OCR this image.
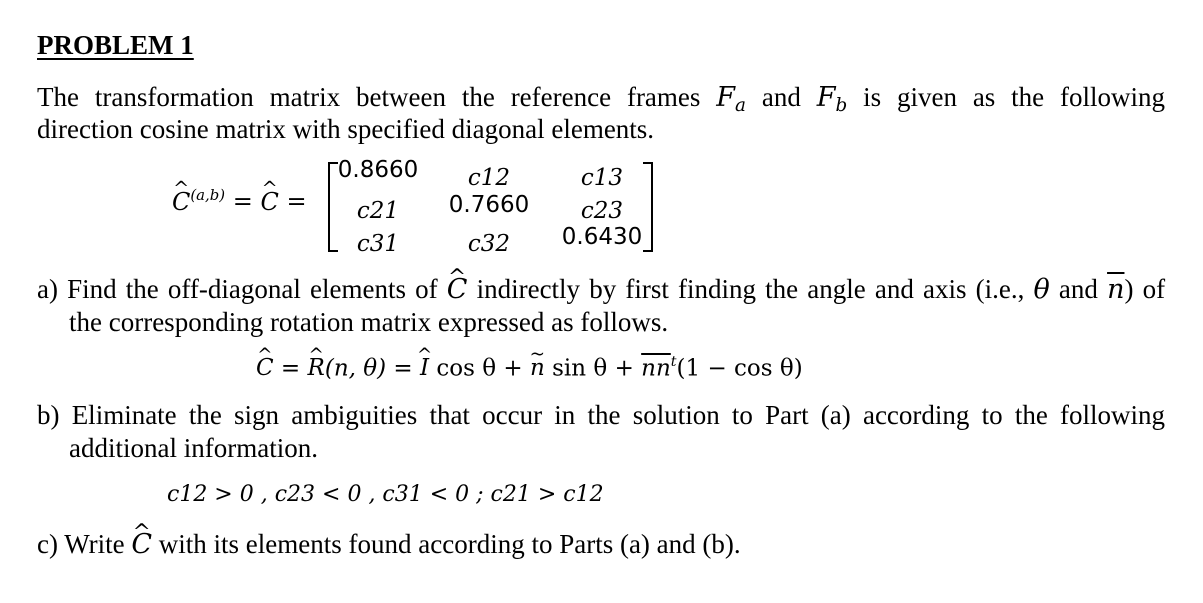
PROBLEM 1
The transformation matrix between the reference frames $F_a$ and $F_b$ is given as the following
direction cosine matrix with specified diagonal elements.
^ C$^{(a,b)}$ = ^ C =
0.8660	c12	c13
c21	0.7660	c23
c31	c32	0.6430
a) Find the off-diagonal elements of ^ C indirectly by first finding the angle and axis (i.e., θ and $\overline{n}$) of
the corresponding rotation matrix expressed as follows.
^ C = ^ R(n, θ) = ^ I cos θ + ~ n $\sin \theta + \overline{nn}^t(1 - \cos \theta)$
b) Eliminate the sign ambiguities that occur in the solution to Part (a) according to the following
additional information.
c12 > 0 , c23 < 0 , c31 < 0 ; c21 > c12
c) Write ^ C with its elements found according to Parts (a) and (b).
